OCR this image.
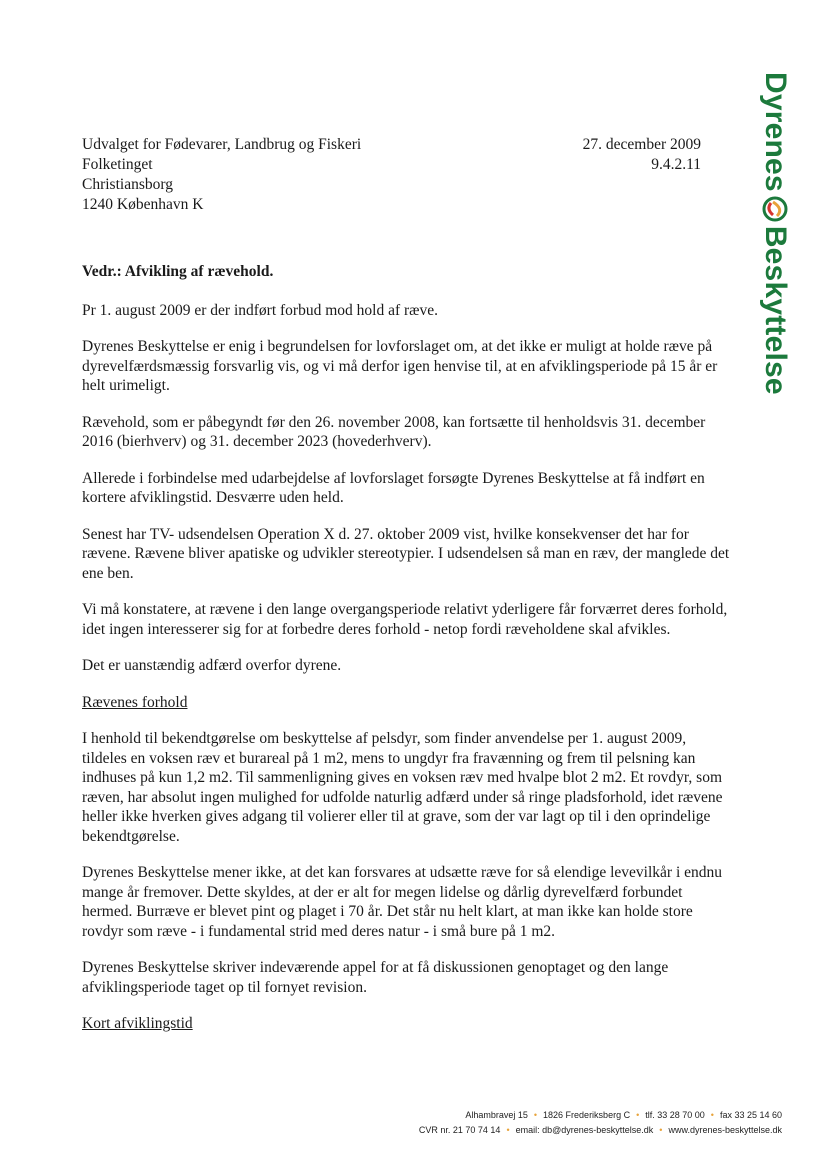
Udvalget for Fødevarer, Landbrug og Fiskeri
Folketinget
Christiansborg
1240 København K
27. december 2009
9.4.2.11 Dyrenes
Beskyttelse

Vedr.: Afvikling af rævehold.

Pr 1. august 2009 er der indført forbud mod hold af ræve.

Dyrenes Beskyttelse er enig i begrundelsen for lovforslaget om, at det ikke er muligt at holde ræve på dyrevelfærdsmæssig forsvarlig vis, og vi må derfor igen henvise til, at en afviklingsperiode på 15 år er helt urimeligt.

Rævehold, som er påbegyndt før den 26. november 2008, kan fortsætte til henholdsvis 31. december 2016 (bierhverv) og 31. december 2023 (hovederhverv).

Allerede i forbindelse med udarbejdelse af lovforslaget forsøgte Dyrenes Beskyttelse at få indført en kortere afviklingstid. Desværre uden held.

Senest har TV- udsendelsen Operation X d. 27. oktober 2009 vist, hvilke konsekvenser det har for rævene. Rævene bliver apatiske og udvikler stereotypier. I udsendelsen så man en ræv, der manglede det ene ben.

Vi må konstatere, at rævene i den lange overgangsperiode relativt yderligere får forværret deres forhold, idet ingen interesserer sig for at forbedre deres forhold - netop fordi ræveholdene skal afvikles.

Det er uanstændig adfærd overfor dyrene.

Rævenes forhold

I henhold til bekendtgørelse om beskyttelse af pelsdyr, som finder anvendelse per 1. august 2009, tildeles en voksen ræv et burareal på 1 m2, mens to ungdyr fra fravænning og frem til pelsning kan indhuses på kun 1,2 m2. Til sammenligning gives en voksen ræv med hvalpe blot 2 m2. Et rovdyr, som ræven, har absolut ingen mulighed for udfolde naturlig adfærd under så ringe pladsforhold, idet rævene heller ikke hverken gives adgang til volierer eller til at grave, som der var lagt op til i den oprindelige bekendtgørelse.

Dyrenes Beskyttelse mener ikke, at det kan forsvares at udsætte ræve for så elendige levevilkår i endnu mange år fremover. Dette skyldes, at der er alt for megen lidelse og dårlig dyrevelfærd forbundet hermed. Burræve er blevet pint og plaget i 70 år. Det står nu helt klart, at man ikke kan holde store rovdyr som ræve - i fundamental strid med deres natur - i små bure på 1 m2.

Dyrenes Beskyttelse skriver indeværende appel for at få diskussionen genoptaget og den lange afviklingsperiode taget op til fornyet revision.

Kort afviklingstid

Alhambravej 15 • 1826 Frederiksberg C • tlf. 33 28 70 00 • fax 33 25 14 60
CVR nr. 21 70 74 14 • email: db@dyrenes-beskyttelse.dk • www.dyrenes-beskyttelse.dk
